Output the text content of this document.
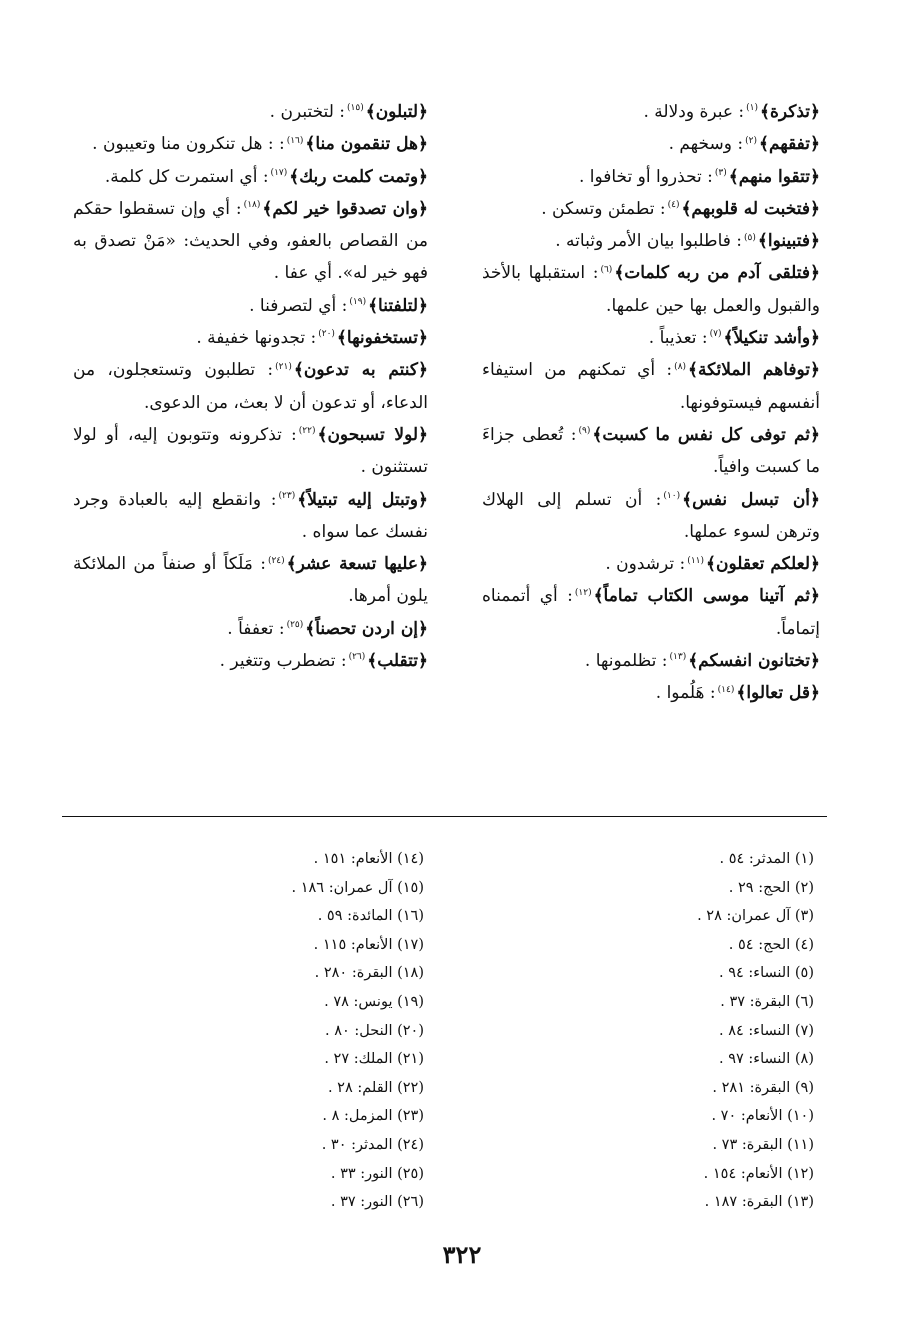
﴿تذكرة﴾$^{(١)}$: عبرة ودلالة .

﴿تفقهم﴾$^{(٢)}$: وسخهم .

﴿تتقوا منهم﴾$^{(٣)}$: تحذروا أو تخافوا .

﴿فتخبت له قلوبهم﴾$^{(٤)}$: تطمئن وتسكن .

﴿فتبينوا﴾$^{(٥)}$: فاطلبوا بيان الأمر وثباته .

﴿فتلقى آدم من ربه كلمات﴾$^{(٦)}$: استقبلها بالأخذ والقبول والعمل بها حين علمها.

﴿وأشد تنكيلاً﴾$^{(٧)}$: تعذيباً .

﴿توفاهم الملائكة﴾$^{(٨)}$: أي تمكنهم من استيفاء أنفسهم فيستوفونها.

﴿ثم توفى كل نفس ما كسبت﴾$^{(٩)}$: تُعطى جزاءَ ما كسبت وافياً.

﴿أن تبسل نفس﴾$^{(١٠)}$: أن تسلم إلى الهلاك وترهن لسوء عملها.

﴿لعلكم تعقلون﴾$^{(١١)}$: ترشدون .

﴿ثم آتينا موسى الكتاب تماماً﴾$^{(١٢)}$: أي أتممناه إتماماً.

﴿تختانون انفسكم﴾$^{(١٣)}$: تظلمونها .

﴿قل تعالوا﴾$^{(١٤)}$: هَلُموا .

﴿لتبلون﴾$^{(١٥)}$: لتختبرن .

﴿هل تنقمون منا﴾$^{(١٦)}$: : هل تنكرون منا وتعيبون .

﴿وتمت كلمت ربك﴾$^{(١٧)}$: أي استمرت كل كلمة.

﴿وان تصدقوا خير لكم﴾$^{(١٨)}$: أي وإن تسقطوا حقكم من القصاص بالعفو، وفي الحديث: «مَنْ تصدق به فهو خير له». أي عفا .

﴿لتلفتنا﴾$^{(١٩)}$: أي لتصرفنا .

﴿تستخفونها﴾$^{(٢٠)}$: تجدونها خفيفة .

﴿كنتم به تدعون﴾$^{(٢١)}$: تطلبون وتستعجلون، من الدعاء، أو تدعون أن لا بعث، من الدعوى.

﴿لولا تسبحون﴾$^{(٢٢)}$: تذكرونه وتتوبون إليه، أو لولا تستثنون .

﴿وتبتل إليه تبتيلاً﴾$^{(٢٣)}$: وانقطع إليه بالعبادة وجرد نفسك عما سواه .

﴿عليها تسعة عشر﴾$^{(٢٤)}$: مَلَكاً أو صنفاً من الملائكة يلون أمرها.

﴿إن اردن تحصناً﴾$^{(٢٥)}$: تعففاً .

﴿تتقلب﴾$^{(٢٦)}$: تضطرب وتتغير .

(١) المدثر: ٥٤ .
(٢) الحج: ٢٩ .
(٣) آل عمران: ٢٨ .
(٤) الحج: ٥٤ .
(٥) النساء: ٩٤ .
(٦) البقرة: ٣٧ .
(٧) النساء: ٨٤ .
(٨) النساء: ٩٧ .
(٩) البقرة: ٢٨١ .
(١٠) الأنعام: ٧٠ .
(١١) البقرة: ٧٣ .
(١٢) الأنعام: ١٥٤ .
(١٣) البقرة: ١٨٧ .
(١٤) الأنعام: ١٥١ .
(١٥) آل عمران: ١٨٦ .
(١٦) المائدة: ٥٩ .
(١٧) الأنعام: ١١٥ .
(١٨) البقرة: ٢٨٠ .
(١٩) يونس: ٧٨ .
(٢٠) النحل: ٨٠ .
(٢١) الملك: ٢٧ .
(٢٢) القلم: ٢٨ .
(٢٣) المزمل: ٨ .
(٢٤) المدثر: ٣٠ .
(٢٥) النور: ٣٣ .
(٢٦) النور: ٣٧ .
٣٢٢
